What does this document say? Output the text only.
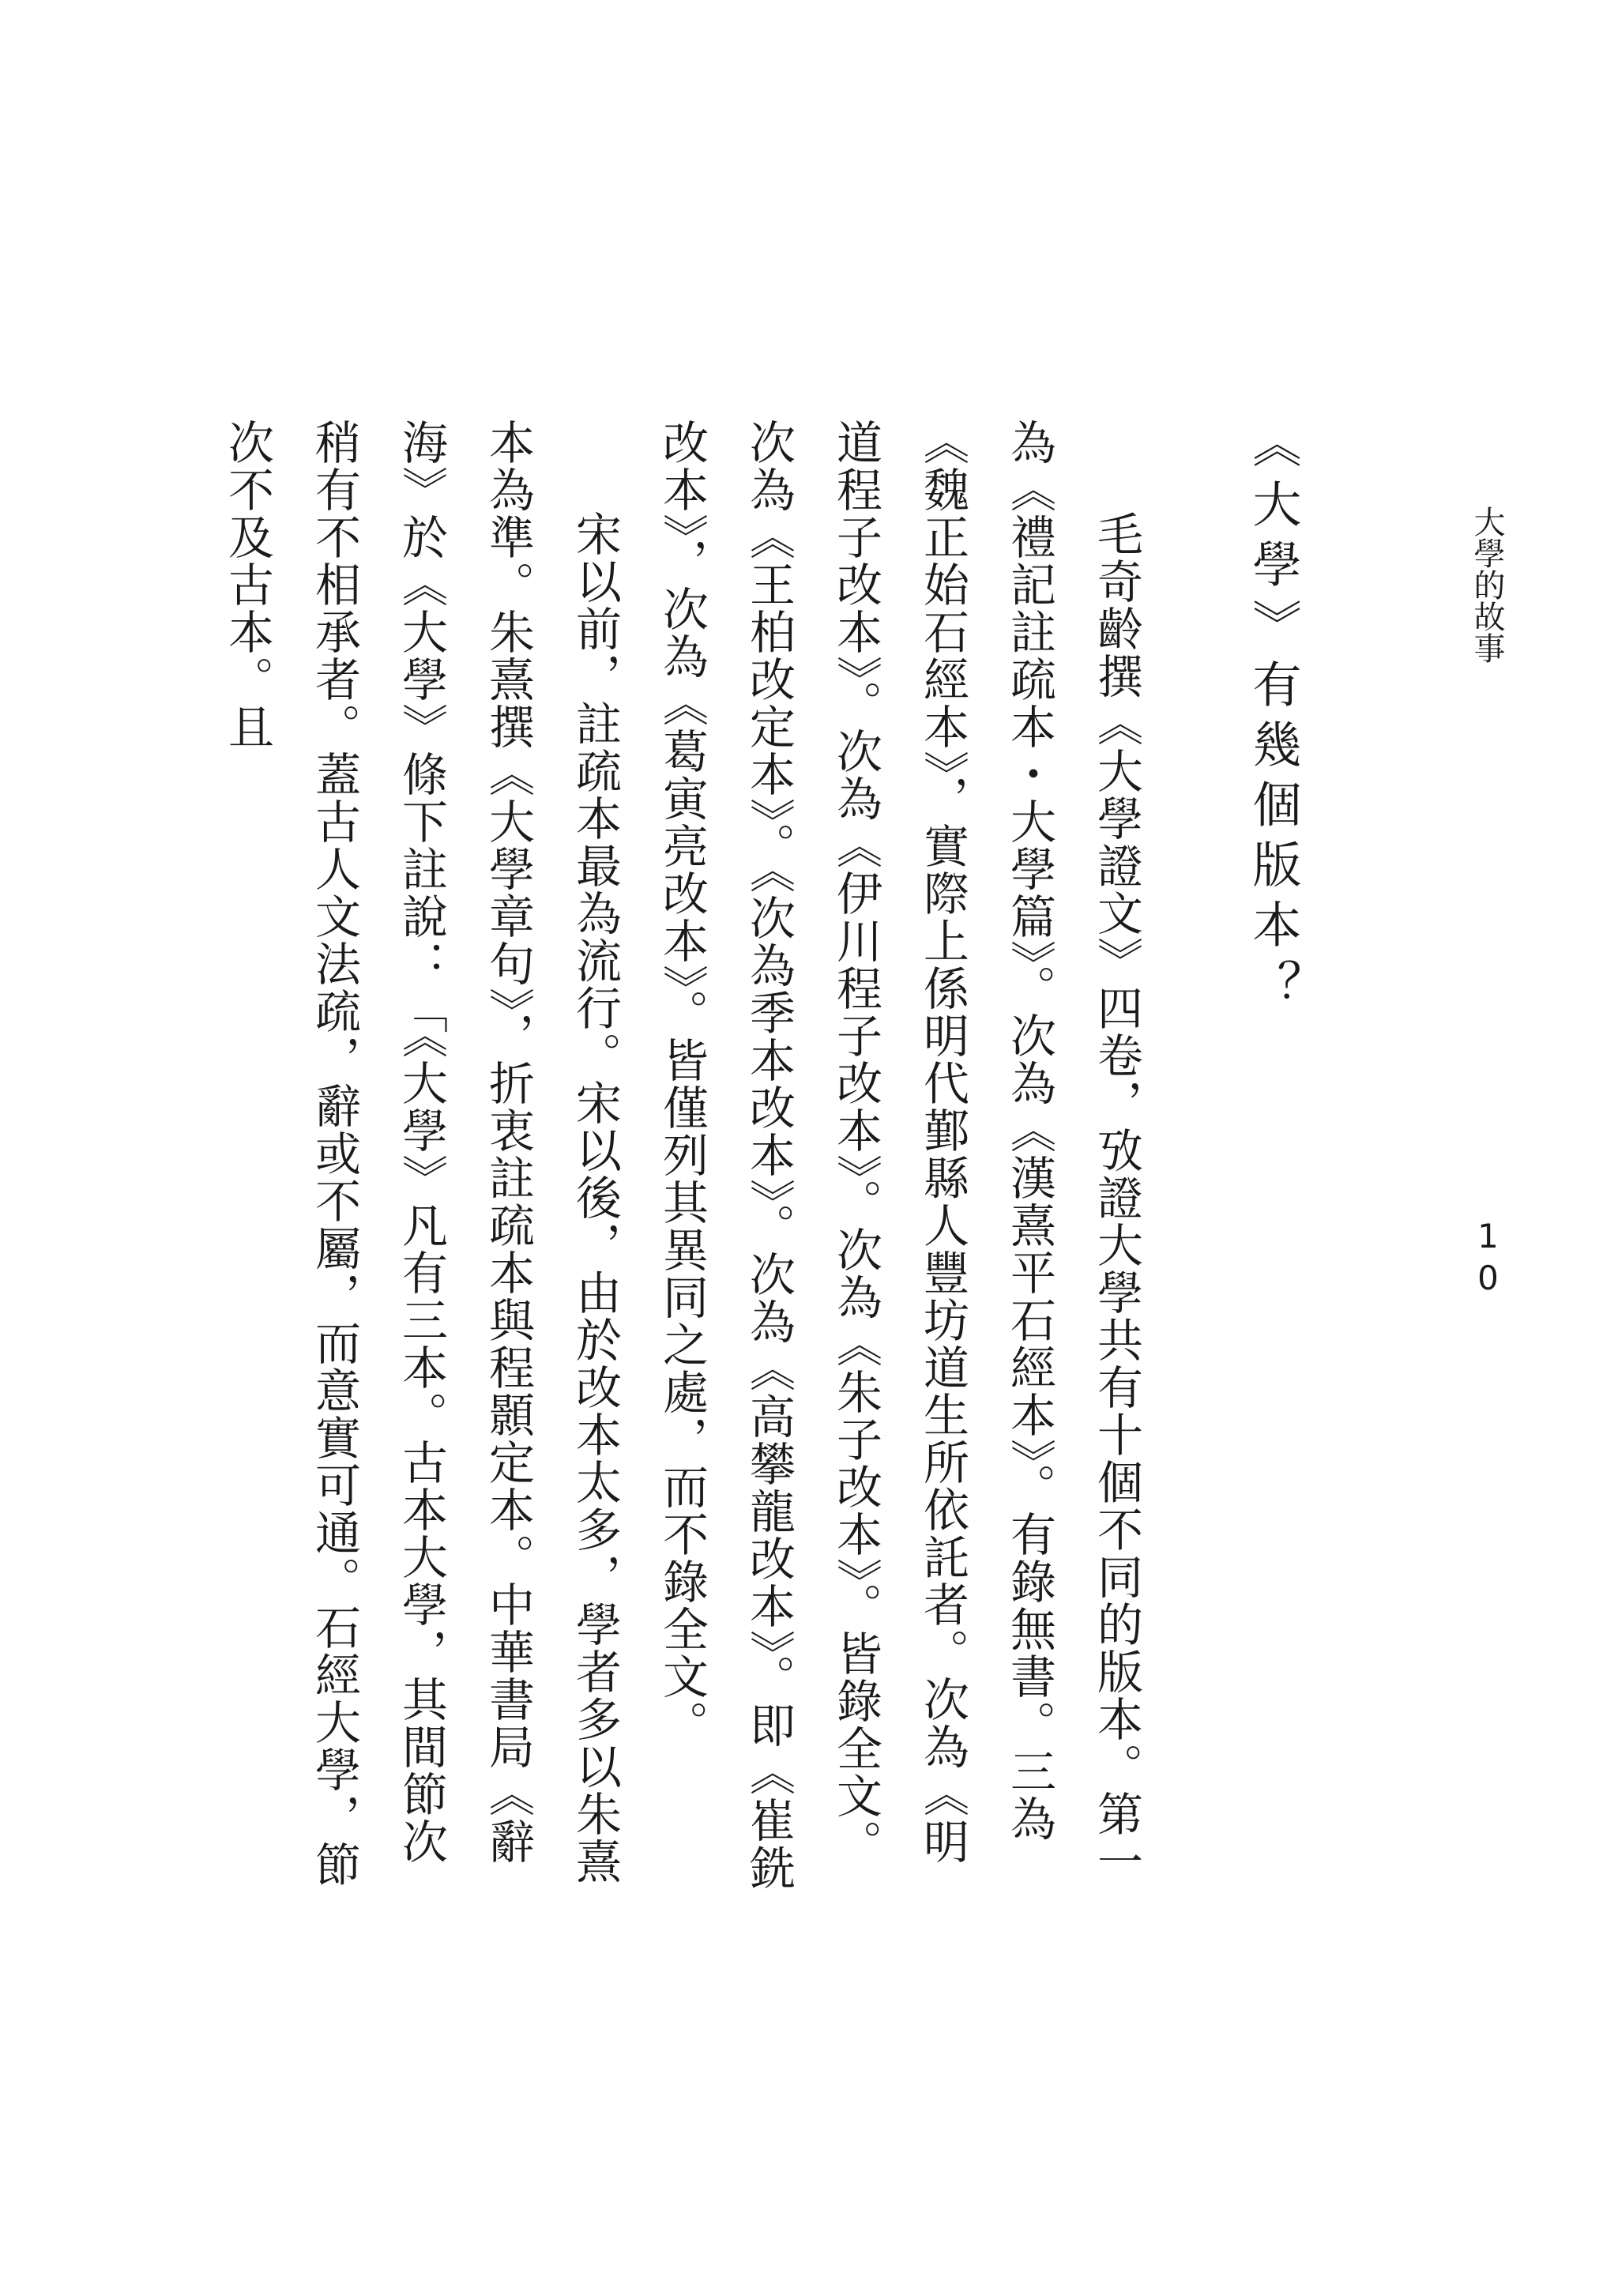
大學的故事
10
《大學》有幾個版本？

毛奇齡撰《大學證文》四卷，攷證大學共有十個不同的版本。第一為《禮記註疏本・大學篇》。次為《漢熹平石經本》。有錄無書。三為《魏正始石經本》，實際上係明代鄞縣人豐坊道生所依託者。次為《明道程子改本》。次為《伊川程子改本》。次為《朱子改本》。皆錄全文。次為《王柏改定本》。《次為季本改本》。次為《高攀龍改本》。即《崔銑改本》，次為《葛寅亮改本》。皆僅列其異同之處，而不錄全文。

宋以前，註疏本最為流行。宋以後，由於改本太多，學者多以朱熹本為準。朱熹撰《大學章句》，折衷註疏本與程顥定本。中華書局《辭海》於《大學》條下註說：「《大學》凡有三本。古本大學，其間節次稍有不相承者。蓋古人文法疏，辭或不屬，而意實可通。石經大學，節次不及古本。且
